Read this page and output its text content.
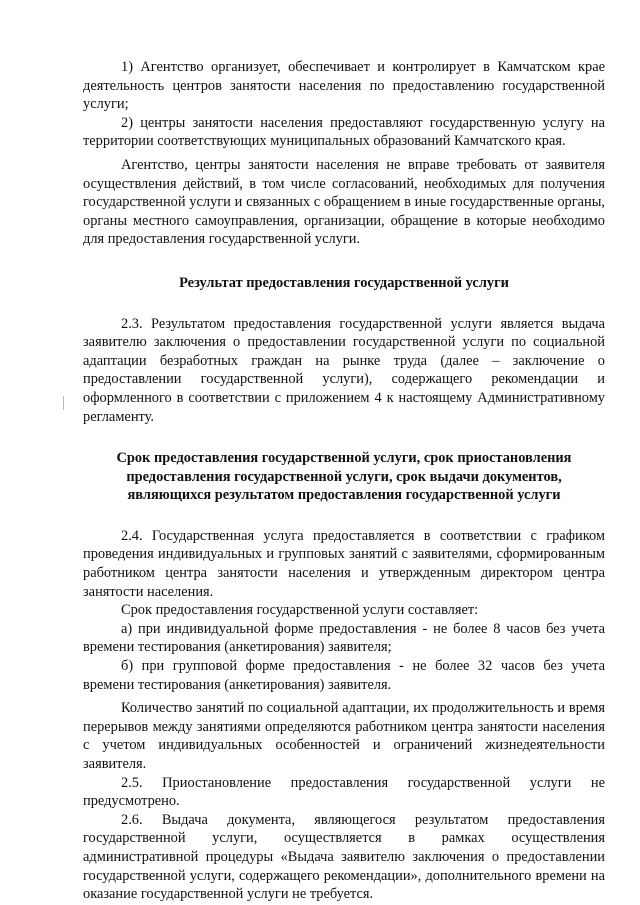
1) Агентство организует, обеспечивает и контролирует в Камчатском крае деятельность центров занятости населения по предоставлению государственной услуги;

2) центры занятости населения предоставляют государственную услугу на территории соответствующих муниципальных образований Камчатского края.

Агентство, центры занятости населения не вправе требовать от заявителя осуществления действий, в том числе согласований, необходимых для получения государственной услуги и связанных с обращением в иные государственные органы, органы местного самоуправления, организации, обращение в которые необходимо для предоставления государственной услуги.

Результат предоставления государственной услуги

2.3. Результатом предоставления государственной услуги является выдача заявителю заключения о предоставлении государственной услуги по социальной адаптации безработных граждан на рынке труда (далее – заключение о предоставлении государственной услуги), содержащего рекомендации и оформленного в соответствии с приложением 4 к настоящему Административному регламенту.

Срок предоставления государственной услуги, срок приостановления предоставления государственной услуги, срок выдачи документов, являющихся результатом предоставления государственной услуги

2.4. Государственная услуга предоставляется в соответствии с графиком проведения индивидуальных и групповых занятий с заявителями, сформированным работником центра занятости населения и утвержденным директором центра занятости населения.

Срок предоставления государственной услуги составляет:

а) при индивидуальной форме предоставления - не более 8 часов без учета времени тестирования (анкетирования) заявителя;

б) при групповой форме предоставления - не более 32 часов без учета времени тестирования (анкетирования) заявителя.

Количество занятий по социальной адаптации, их продолжительность и время перерывов между занятиями определяются работником центра занятости населения с учетом индивидуальных особенностей и ограничений жизнедеятельности заявителя.

2.5. Приостановление предоставления государственной услуги не предусмотрено.

2.6. Выдача документа, являющегося результатом предоставления государственной услуги, осуществляется в рамках осуществления административной процедуры «Выдача заявителю заключения о предоставлении государственной услуги, содержащего рекомендации», дополнительного времени на оказание государственной услуги не требуется.
